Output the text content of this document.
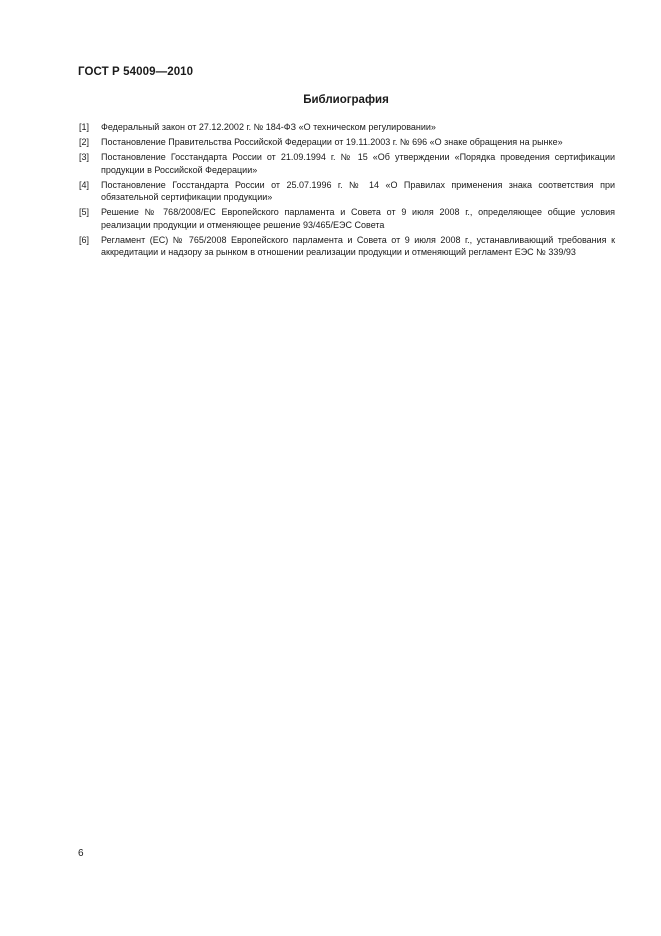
ГОСТ Р 54009—2010
Библиография
[1]	Федеральный закон от 27.12.2002 г. № 184-ФЗ «О техническом регулировании»
[2]	Постановление Правительства Российской Федерации от 19.11.2003 г. № 696 «О знаке обращения на рынке»
[3]	Постановление Госстандарта России от 21.09.1994 г. № 15 «Об утверждении «Порядка проведения сертификации продукции в Российской Федерации»
[4]	Постановление Госстандарта России от 25.07.1996 г. № 14 «О Правилах применения знака соответствия при обязательной сертификации продукции»
[5]	Решение № 768/2008/ЕС Европейского парламента и Совета от 9 июля 2008 г., определяющее общие условия реализации продукции и отменяющее решение 93/465/ЕЭС Совета
[6]	Регламент (ЕС) № 765/2008 Европейского парламента и Совета от 9 июля 2008 г., устанавливающий требования к аккредитации и надзору за рынком в отношении реализации продукции и отменяющий регламент ЕЭС № 339/93
6
